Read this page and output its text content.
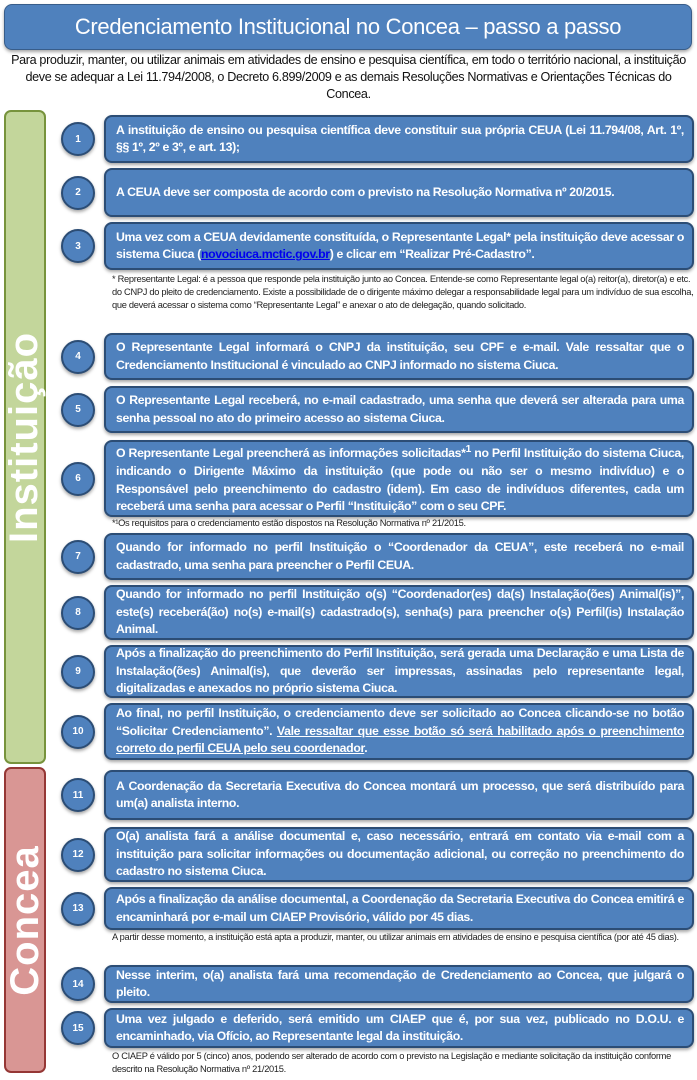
Credenciamento Institucional no Concea – passo a passo
Para produzir, manter, ou utilizar animais em atividades de ensino e pesquisa científica, em todo o território nacional, a instituição deve se adequar a Lei 11.794/2008, o Decreto 6.899/2009 e as demais Resoluções Normativas e Orientações Técnicas do Concea.
Instituição
Concea
1
A instituição de ensino ou pesquisa científica deve constituir sua própria CEUA (Lei 11.794/08, Art. 1º, §§ 1º, 2º e 3º, e art. 13);
2	A CEUA deve ser composta de acordo com o previsto na Resolução Normativa nº 20/2015.
3
Uma vez com a CEUA devidamente constituída, o Representante Legal* pela instituição deve acessar o sistema Ciuca (novociuca.mctic.gov.br) e clicar em “Realizar Pré-Cadastro”.
* Representante Legal: é a pessoa que responde pela instituição junto ao Concea. Entende-se como Representante legal o(a) reitor(a), diretor(a) e etc. do CNPJ do pleito de credenciamento. Existe a possibilidade de o dirigente máximo delegar a responsabilidade legal para um indivíduo de sua escolha, que deverá acessar o sistema como “Representante Legal” e anexar o ato de delegação, quando solicitado.
4
O Representante Legal informará o CNPJ da instituição, seu CPF e e-mail. Vale ressaltar que o Credenciamento Institucional é vinculado ao CNPJ informado no sistema Ciuca.
5
O Representante Legal receberá, no e-mail cadastrado, uma senha que deverá ser alterada para uma senha pessoal no ato do primeiro acesso ao sistema Ciuca.
6
O Representante Legal preencherá as informações solicitadas*$^1$ no Perfil Instituição do sistema Ciuca, indicando o Dirigente Máximo da instituição (que pode ou não ser o mesmo indivíduo) e o Responsável pelo preenchimento do cadastro (idem). Em caso de indivíduos diferentes, cada um receberá uma senha para acessar o Perfil “Instituição” com o seu CPF.
*¹Os requisitos para o credenciamento estão dispostos na Resolução Normativa nº 21/2015.
7
Quando for informado no perfil Instituição o “Coordenador da CEUA”, este receberá no e-mail cadastrado, uma senha para preencher o Perfil CEUA.
8
Quando for informado no perfil Instituição o(s) “Coordenador(es) da(s) Instalação(ões) Animal(is)”, este(s) receberá(ão) no(s) e-mail(s) cadastrado(s), senha(s) para preencher o(s) Perfil(is) Instalação Animal.
9
Após a finalização do preenchimento do Perfil Instituição, será gerada uma Declaração e uma Lista de Instalação(ões) Animal(is), que deverão ser impressas, assinadas pelo representante legal, digitalizadas e anexados no próprio sistema Ciuca.
10
Ao final, no perfil Instituição, o credenciamento deve ser solicitado ao Concea clicando-se no botão “Solicitar Credenciamento”. Vale ressaltar que esse botão só será habilitado após o preenchimento correto do perfil CEUA pelo seu coordenador.
11
A Coordenação da Secretaria Executiva do Concea montará um processo, que será distribuído para um(a) analista interno.
12
O(a) analista fará a análise documental e, caso necessário, entrará em contato via e-mail com a instituição para solicitar informações ou documentação adicional, ou correção no preenchimento do cadastro no sistema Ciuca.
13
Após a finalização da análise documental, a Coordenação da Secretaria Executiva do Concea emitirá e encaminhará por e-mail um CIAEP Provisório, válido por 45 dias.
A partir desse momento, a instituição está apta a produzir, manter, ou utilizar animais em atividades de ensino e pesquisa científica (por até 45 dias).
14
Nesse interim, o(a) analista fará uma recomendação de Credenciamento ao Concea, que julgará o pleito.
15
Uma vez julgado e deferido, será emitido um CIAEP que é, por sua vez, publicado no D.O.U. e encaminhado, via Ofício, ao Representante legal da instituição.
O CIAEP é válido por 5 (cinco) anos, podendo ser alterado de acordo com o previsto na Legislação e mediante solicitação da instituição conforme descrito na Resolução Normativa nº 21/2015.
